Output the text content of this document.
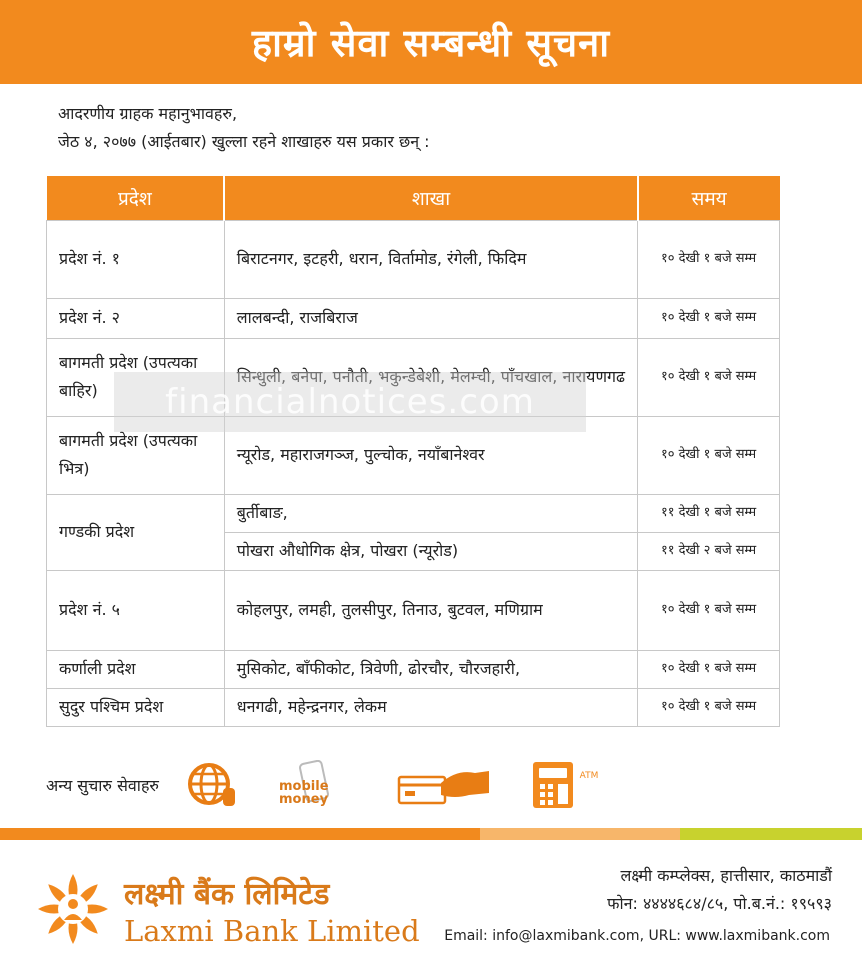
हाम्रो सेवा सम्बन्धी सूचना
आदरणीय ग्राहक महानुभावहरु,
जेठ ४, २०७७ (आईतबार) खुल्ला रहने शाखाहरु यस प्रकार छन् :
प्रदेश	शाखा	समय
प्रदेश नं. १	बिराटनगर, इटहरी, धरान, विर्तामोड, रंगेली, फिदिम	१० देखी १ बजे सम्म
प्रदेश नं. २	लालबन्दी, राजबिराज	१० देखी १ बजे सम्म
बागमती प्रदेश (उपत्यका बाहिर)	सिन्धुली, बनेपा, पनौती, भकुन्डेबेशी, मेलम्ची, पाँचखाल, नारायणगढ	१० देखी १ बजे सम्म
बागमती प्रदेश (उपत्यका भित्र)	न्यूरोड, महाराजगञ्ज, पुल्चोक, नयाँबानेश्वर	१० देखी १ बजे सम्म
गण्डकी प्रदेश	बुर्तीबाङ,	११ देखी १ बजे सम्म
	पोखरा औधोगिक क्षेत्र, पोखरा (न्यूरोड)	११ देखी २ बजे सम्म
प्रदेश नं. ५	कोहलपुर, लमही, तुलसीपुर, तिनाउ, बुटवल, मणिग्राम	१० देखी १ बजे सम्म
कर्णाली प्रदेश	मुसिकोट, बाँफीकोट, त्रिवेणी, ढोरचौर, चौरजहारी,	१० देखी १ बजे सम्म
सुदुर पश्चिम प्रदेश	धनगढी, महेन्द्रनगर, लेकम	१० देखी १ बजे सम्म
financialnotices.com
अन्य सुचारु सेवाहरु	mobile money
ATM
लक्ष्मी बैंक लिमिटेड
Laxmi Bank Limited
लक्ष्मी कम्प्लेक्स, हात्तीसार, काठमाडौं
फोन: ४४४४६८४/८५, पो.ब.नं.: १९५९३
Email: info@laxmibank.com, URL: www.laxmibank.com
